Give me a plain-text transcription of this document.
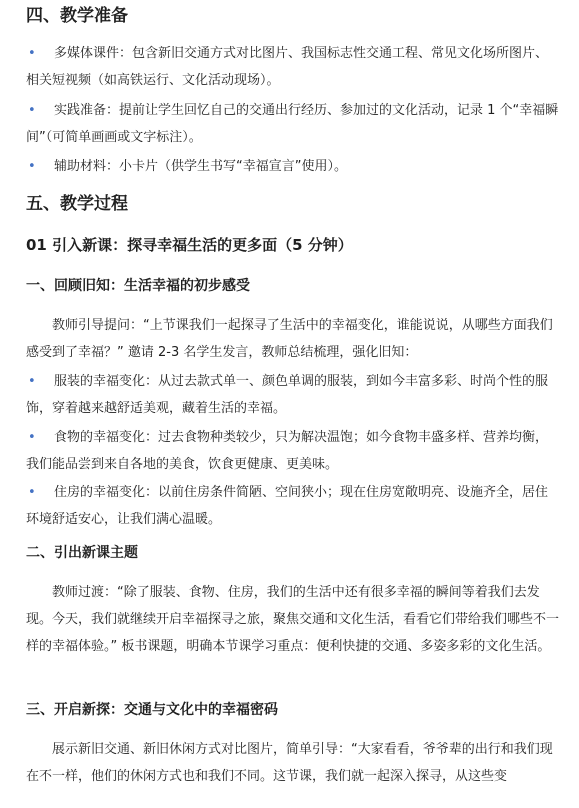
四、教学准备
• 多媒体课件：包含新旧交通方式对比图片、我国标志性交通工程、常见文化场所图片、相关短视频（如高铁运行、文化活动现场）。
• 实践准备：提前让学生回忆自己的交通出行经历、参加过的文化活动，记录 1 个“幸福瞬间”（可简单画画或文字标注）。
• 辅助材料：小卡片（供学生书写“幸福宣言”使用）。
五、教学过程
01 引入新课：探寻幸福生活的更多面（5 分钟）
一、回顾旧知：生活幸福的初步感受
教师引导提问：“上节课我们一起探寻了生活中的幸福变化，谁能说说，从哪些方面我们感受到了幸福？” 邀请 2-3 名学生发言，教师总结梳理，强化旧知：
• 服装的幸福变化：从过去款式单一、颜色单调的服装，到如今丰富多彩、时尚个性的服饰，穿着越来越舒适美观，藏着生活的幸福。
• 食物的幸福变化：过去食物种类较少，只为解决温饱；如今食物丰盛多样、营养均衡，我们能品尝到来自各地的美食，饮食更健康、更美味。
• 住房的幸福变化：以前住房条件简陋、空间狭小；现在住房宽敞明亮、设施齐全，居住环境舒适安心，让我们满心温暖。
二、引出新课主题
教师过渡：“除了服装、食物、住房，我们的生活中还有很多幸福的瞬间等着我们去发现。今天，我们就继续开启幸福探寻之旅，聚焦交通和文化生活，看看它们带给我们哪些不一样的幸福体验。” 板书课题，明确本节课学习重点：便利快捷的交通、多姿多彩的文化生活。
三、开启新探：交通与文化中的幸福密码
展示新旧交通、新旧休闲方式对比图片，简单引导：“大家看看，爷爷辈的出行和我们现在不一样，他们的休闲方式也和我们不同。这节课，我们就一起深入探寻，从这些变
